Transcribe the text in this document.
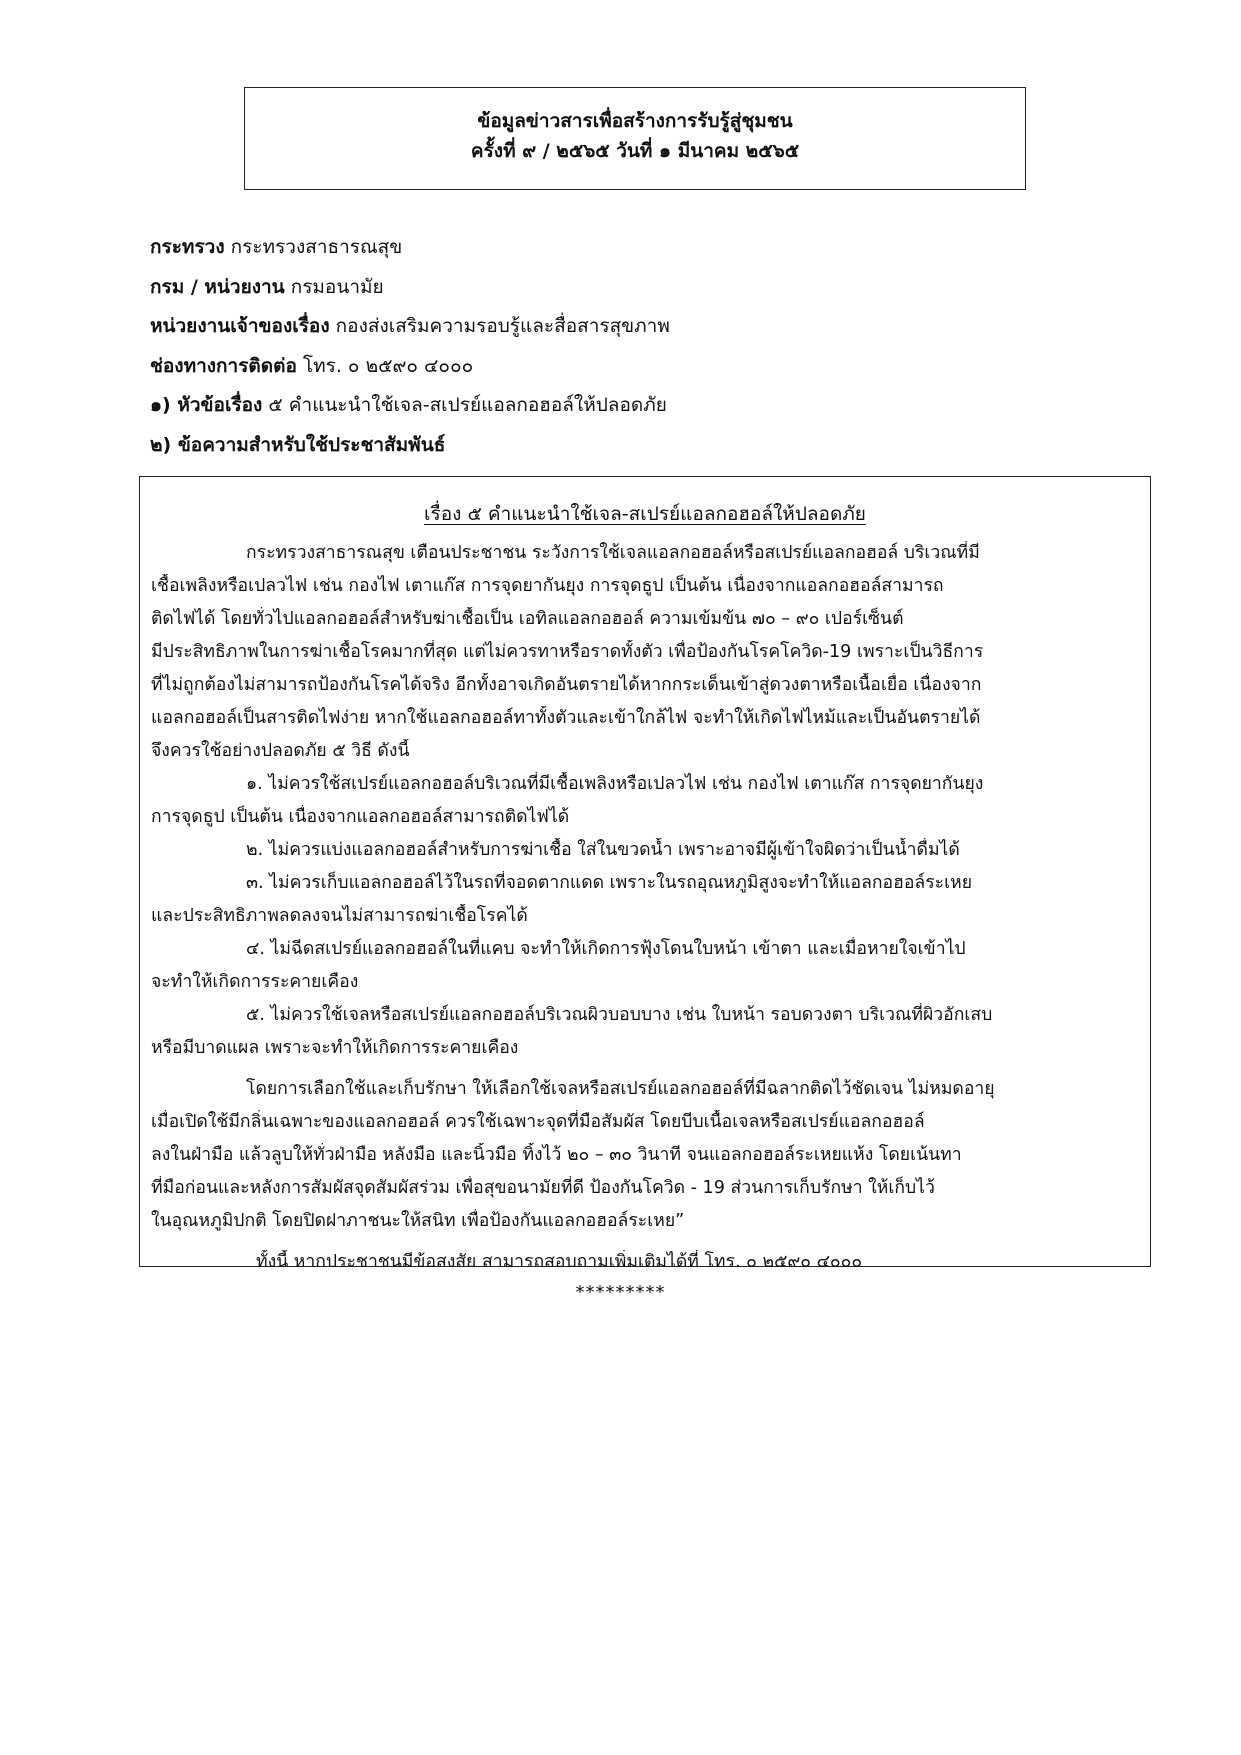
ข้อมูลข่าวสารเพื่อสร้างการรับรู้สู่ชุมชน
ครั้งที่ ๙ / ๒๕๖๕ วันที่ ๑ มีนาคม ๒๕๖๕
กระทรวง กระทรวงสาธารณสุข
กรม / หน่วยงาน กรมอนามัย
หน่วยงานเจ้าของเรื่อง กองส่งเสริมความรอบรู้และสื่อสารสุขภาพ
ช่องทางการติดต่อ โทร. ๐ ๒๕๙๐ ๔๐๐๐
๑) หัวข้อเรื่อง ๕ คำแนะนำใช้เจล-สเปรย์แอลกอฮอล์ให้ปลอดภัย
๒) ข้อความสำหรับใช้ประชาสัมพันธ์
เรื่อง ๕ คำแนะนำใช้เจล-สเปรย์แอลกอฮอล์ให้ปลอดภัย
กระทรวงสาธารณสุข เตือนประชาชน ระวังการใช้เจลแอลกอฮอล์หรือสเปรย์แอลกอฮอล์ บริเวณที่มี
เชื้อเพลิงหรือเปลวไฟ เช่น กองไฟ เตาแก๊ส การจุดยากันยุง การจุดธูป เป็นต้น เนื่องจากแอลกอฮอล์สามารถ
ติดไฟได้ โดยทั่วไปแอลกอฮอล์สำหรับฆ่าเชื้อเป็น เอทิลแอลกอฮอล์ ความเข้มข้น ๗๐ – ๙๐ เปอร์เซ็นต์
มีประสิทธิภาพในการฆ่าเชื้อโรคมากที่สุด แต่ไม่ควรทาหรือราดทั้งตัว เพื่อป้องกันโรคโควิด-19 เพราะเป็นวิธีการ
ที่ไม่ถูกต้องไม่สามารถป้องกันโรคได้จริง อีกทั้งอาจเกิดอันตรายได้หากกระเด็นเข้าสู่ดวงตาหรือเนื้อเยื่อ เนื่องจาก
แอลกอฮอล์เป็นสารติดไฟง่าย หากใช้แอลกอฮอล์ทาทั้งตัวและเข้าใกล้ไฟ จะทำให้เกิดไฟไหม้และเป็นอันตรายได้
จึงควรใช้อย่างปลอดภัย ๕ วิธี ดังนี้
๑. ไม่ควรใช้สเปรย์แอลกอฮอล์บริเวณที่มีเชื้อเพลิงหรือเปลวไฟ เช่น กองไฟ เตาแก๊ส การจุดยากันยุง
การจุดธูป เป็นต้น เนื่องจากแอลกอฮอล์สามารถติดไฟได้
๒. ไม่ควรแบ่งแอลกอฮอล์สำหรับการฆ่าเชื้อ ใส่ในขวดน้ำ เพราะอาจมีผู้เข้าใจผิดว่าเป็นน้ำดื่มได้
๓. ไม่ควรเก็บแอลกอฮอล์ไว้ในรถที่จอดตากแดด เพราะในรถอุณหภูมิสูงจะทำให้แอลกอฮอล์ระเหย
และประสิทธิภาพลดลงจนไม่สามารถฆ่าเชื้อโรคได้
๔. ไม่ฉีดสเปรย์แอลกอฮอล์ในที่แคบ จะทำให้เกิดการฟุ้งโดนใบหน้า เข้าตา และเมื่อหายใจเข้าไป
จะทำให้เกิดการระคายเคือง
๕. ไม่ควรใช้เจลหรือสเปรย์แอลกอฮอล์บริเวณผิวบอบบาง เช่น ใบหน้า รอบดวงตา บริเวณที่ผิวอักเสบ
หรือมีบาดแผล เพราะจะทำให้เกิดการระคายเคือง
โดยการเลือกใช้และเก็บรักษา ให้เลือกใช้เจลหรือสเปรย์แอลกอฮอล์ที่มีฉลากติดไว้ชัดเจน ไม่หมดอายุ
เมื่อเปิดใช้มีกลิ่นเฉพาะของแอลกอฮอล์ ควรใช้เฉพาะจุดที่มือสัมผัส โดยบีบเนื้อเจลหรือสเปรย์แอลกอฮอล์
ลงในฝ่ามือ แล้วลูบให้ทั่วฝ่ามือ หลังมือ และนิ้วมือ ทิ้งไว้ ๒๐ – ๓๐ วินาที จนแอลกอฮอล์ระเหยแห้ง โดยเน้นทา
ที่มือก่อนและหลังการสัมผัสจุดสัมผัสร่วม เพื่อสุขอนามัยที่ดี ป้องกันโควิด - 19 ส่วนการเก็บรักษา ให้เก็บไว้
ในอุณหภูมิปกติ โดยปิดฝาภาชนะให้สนิท เพื่อป้องกันแอลกอฮอล์ระเหย”
ทั้งนี้ หากประชาชนมีข้อสงสัย สามารถสอบถามเพิ่มเติมได้ที่ โทร. ๐ ๒๕๙๐ ๔๐๐๐
*********
